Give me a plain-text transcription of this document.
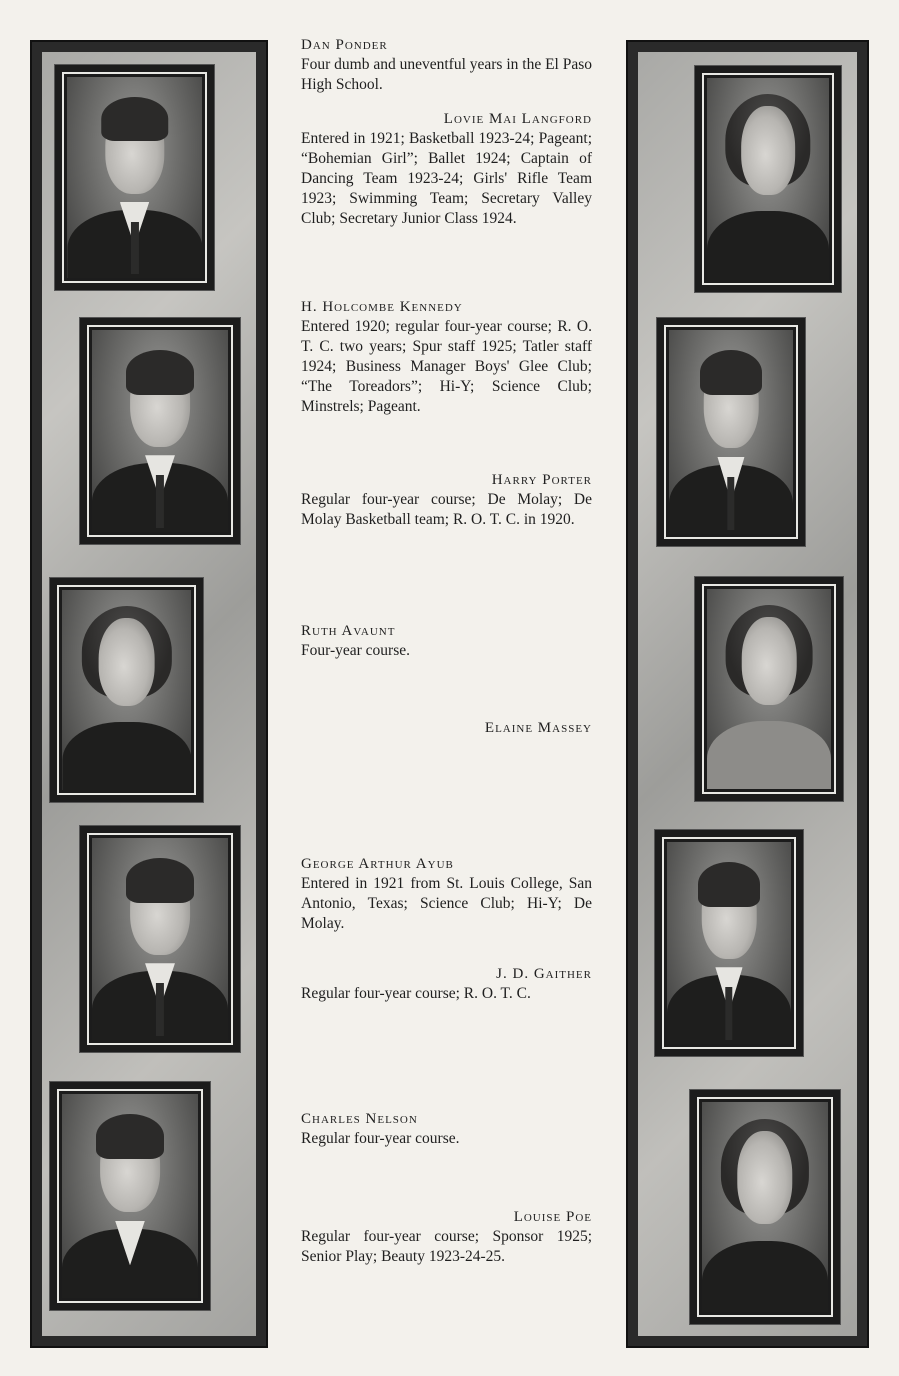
Dan Ponder
Four dumb and uneventful years in the El Paso High School.
Lovie Mai Langford
Entered in 1921; Basketball 1923-24; Pageant; “Bohemian Girl”; Ballet 1924; Captain of Dancing Team 1923-24; Girls' Rifle Team 1923; Swimming Team; Secretary Valley Club; Secretary Junior Class 1924.
H. Holcombe Kennedy
Entered 1920; regular four-year course; R. O. T. C. two years; Spur staff 1925; Tatler staff 1924; Business Manager Boys' Glee Club; “The Toreadors”; Hi-Y; Science Club; Minstrels; Pageant.
Harry Porter
Regular four-year course; De Molay; De Molay Basketball team; R. O. T. C. in 1920.
Ruth Avaunt
Four-year course.
Elaine Massey
George Arthur Ayub
Entered in 1921 from St. Louis College, San Antonio, Texas; Science Club; Hi-Y; De Molay.
J. D. Gaither
Regular four-year course; R. O. T. C.
Charles Nelson
Regular four-year course.
Louise Poe
Regular four-year course; Sponsor 1925; Senior Play; Beauty 1923-24-25.
